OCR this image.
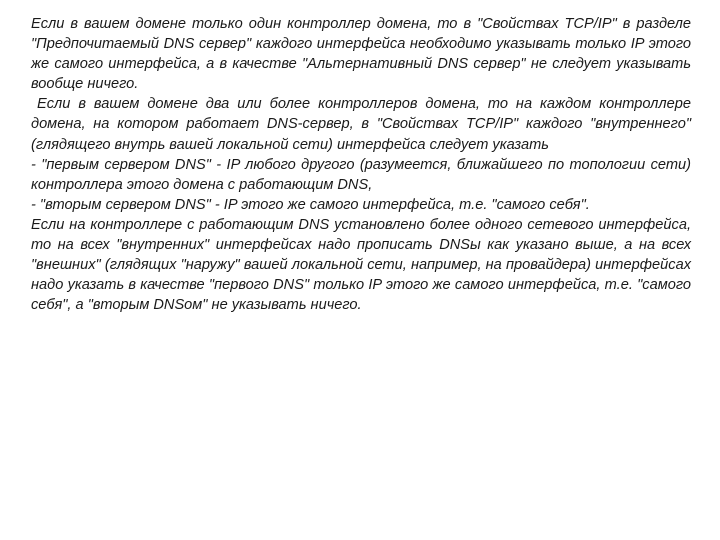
Если в вашем домене только один контроллер домена, то в "Свойствах TCP/IP" в разделе "Предпочитаемый DNS сервер" каждого интерфейса необходимо указывать только IP этого же самого интерфейса, а в качестве "Альтернативный DNS сервер" не следует указывать вообще ничего.

Если в вашем домене два или более контроллеров домена, то на каждом контроллере домена, на котором работает DNS-сервер, в "Свойствах TCP/IP" каждого "внутреннего" (глядящего внутрь вашей локальной сети) интерфейса следует указать

- "первым сервером DNS" - IP любого другого (разумеется, ближайшего по топологии сети) контроллера этого домена с работающим DNS,

- "вторым сервером DNS" - IP этого же самого интерфейса, т.е. "самого себя".

Если на контроллере с работающим DNS установлено более одного сетевого интерфейса, то на всех "внутренних" интерфейсах надо прописать DNSы как указано выше, а на всех "внешних" (глядящих "наружу" вашей локальной сети, например, на провайдера) интерфейсах надо указать в качестве "первого DNS" только IP этого же самого интерфейса, т.е. "самого себя", а "вторым DNSом" не указывать ничего.
